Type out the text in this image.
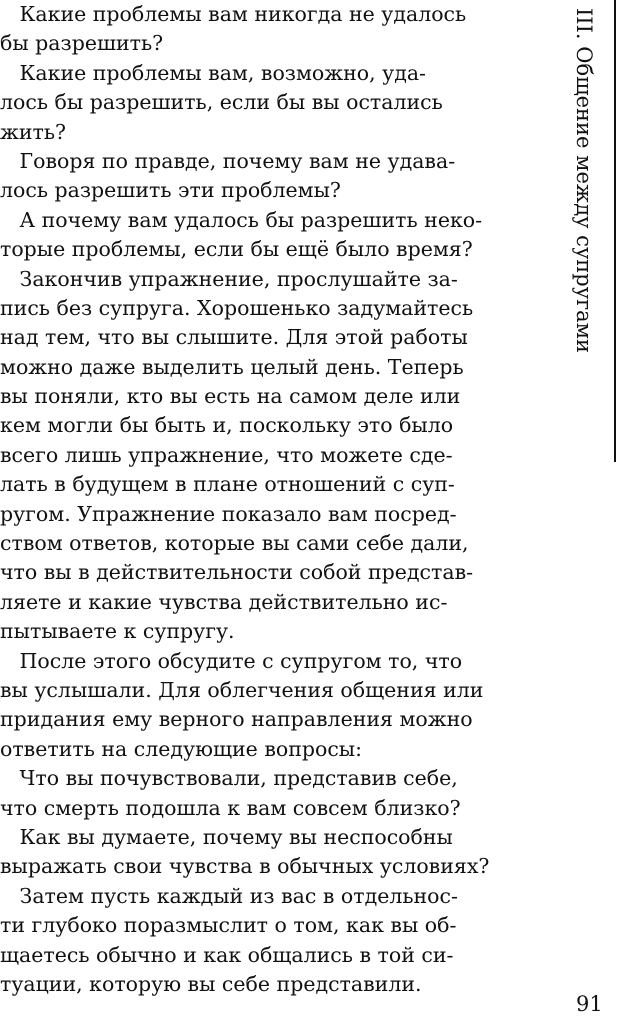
Какие проблемы вам никогда не удалось
бы разрешить?
Какие проблемы вам, возможно, уда-
лось бы разрешить, если бы вы остались
жить?
Говоря по правде, почему вам не удава-
лось разрешить эти проблемы?
А почему вам удалось бы разрешить неко-
торые проблемы, если бы ещё было время?
Закончив упражнение, прослушайте за-
пись без супруга. Хорошенько задумайтесь
над тем, что вы слышите. Для этой работы
можно даже выделить целый день. Теперь
вы поняли, кто вы есть на самом деле или
кем могли бы быть и, поскольку это было
всего лишь упражнение, что можете сде-
лать в будущем в плане отношений с суп-
ругом. Упражнение показало вам посред-
ством ответов, которые вы сами себе дали,
что вы в действительности собой представ-
ляете и какие чувства действительно ис-
пытываете к супругу.
После этого обсудите с супругом то, что
вы услышали. Для облегчения общения или
придания ему верного направления можно
ответить на следующие вопросы:
Что вы почувствовали, представив себе,
что смерть подошла к вам совсем близко?
Как вы думаете, почему вы неспособны
выражать свои чувства в обычных условиях?
Затем пусть каждый из вас в отдельнос-
ти глубоко поразмыслит о том, как вы об-
щаетесь обычно и как общались в той си-
туации, которую вы себе представили.
III. Общение между супругами
91
